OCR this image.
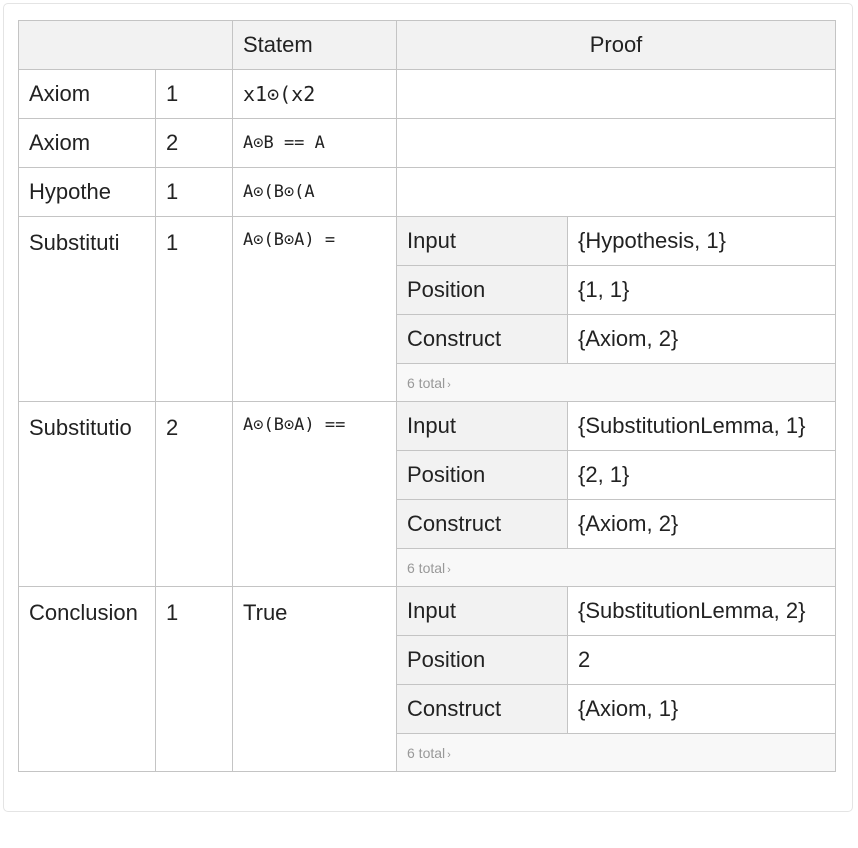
		Statem	Proof	
Axiom	1	x1⊙(x2		
Axiom	2	A⊙B == A		
Hypothe	1	A⊙(B⊙(A		
Substituti	1	A⊙(B⊙A) =	Input	{Hypothesis, 1}
			Position	{1, 1}
			Construct	{Axiom, 2}
			6 total ›	
Substitutio	2	A⊙(B⊙A) ==	Input	{SubstitutionLemma, 1}
			Position	{2, 1}
			Construct	{Axiom, 2}
			6 total ›	
Conclusion	1	True	Input	{SubstitutionLemma, 2}
			Position	2
			Construct	{Axiom, 1}
			6 total ›	
